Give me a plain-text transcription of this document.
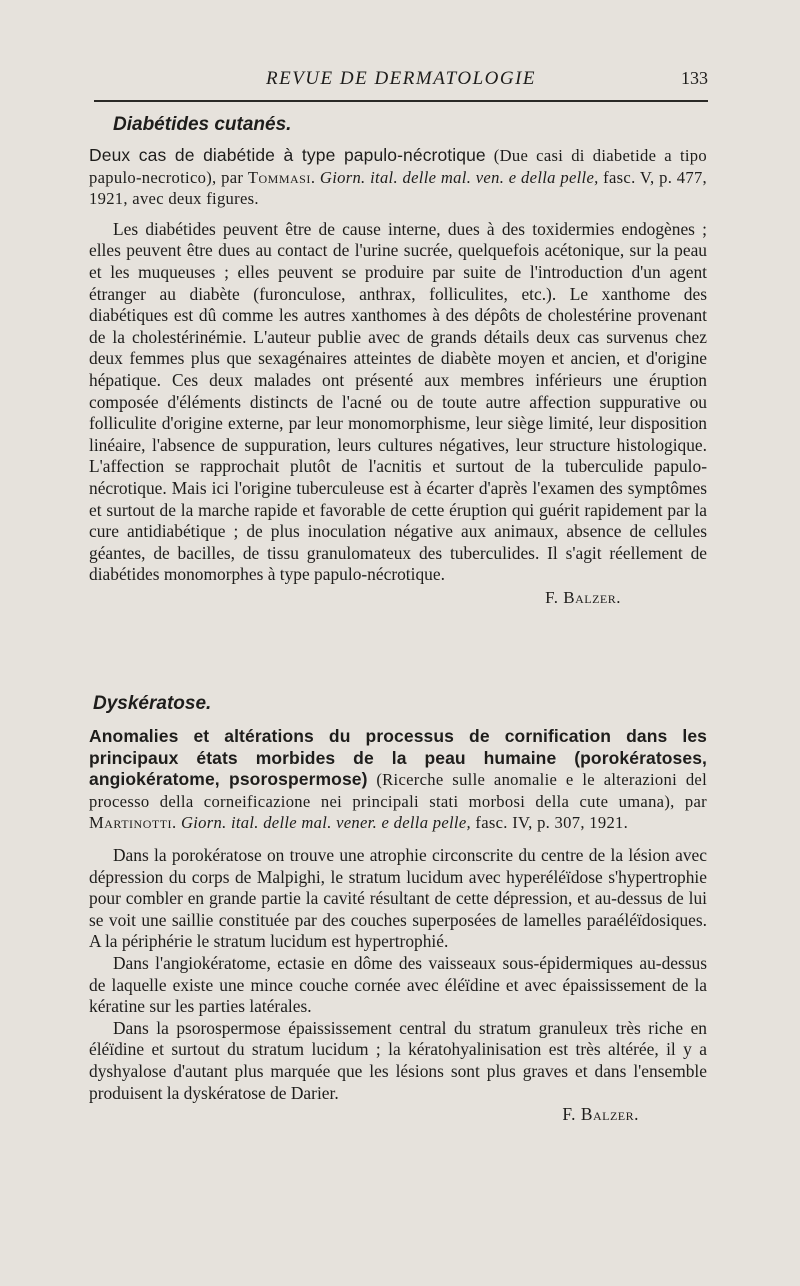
REVUE DE DERMATOLOGIE	133
Diabétides cutanés.

Deux cas de diabétide à type papulo-nécrotique (Due casi di diabetide a tipo papulo-necrotico), par Tommasi. Giorn. ital. delle mal. ven. e della pelle, fasc. V, p. 477, 1921, avec deux figures.

Les diabétides peuvent être de cause interne, dues à des toxidermies endogènes ; elles peuvent être dues au contact de l'urine sucrée, quelquefois acétonique, sur la peau et les muqueuses ; elles peuvent se produire par suite de l'introduction d'un agent étranger au diabète (furonculose, anthrax, folliculites, etc.). Le xanthome des diabétiques est dû comme les autres xanthomes à des dépôts de cholestérine provenant de la cholestérinémie. L'auteur publie avec de grands détails deux cas survenus chez deux femmes plus que sexagénaires atteintes de diabète moyen et ancien, et d'origine hépatique. Ces deux malades ont présenté aux membres inférieurs une éruption composée d'éléments distincts de l'acné ou de toute autre affection suppurative ou folliculite d'origine externe, par leur monomorphisme, leur siège limité, leur disposition linéaire, l'absence de suppuration, leurs cultures négatives, leur structure histologique. L'affection se rapprochait plutôt de l'acnitis et surtout de la tuberculide papulo-nécrotique. Mais ici l'origine tuberculeuse est à écarter d'après l'examen des symptômes et surtout de la marche rapide et favorable de cette éruption qui guérit rapidement par la cure antidiabétique ; de plus inoculation négative aux animaux, absence de cellules géantes, de bacilles, de tissu granulomateux des tuberculides. Il s'agit réellement de diabétides monomorphes à type papulo-nécrotique.

F. Balzer.

Dyskératose.

Anomalies et altérations du processus de cornification dans les principaux états morbides de la peau humaine (porokératoses, angiokératome, psorospermose) (Ricerche sulle anomalie e le alterazioni del processo della corneificazione nei principali stati morbosi della cute umana), par Martinotti. Giorn. ital. delle mal. vener. e della pelle, fasc. IV, p. 307, 1921.

Dans la porokératose on trouve une atrophie circonscrite du centre de la lésion avec dépression du corps de Malpighi, le stratum lucidum avec hyperéléïdose s'hypertrophie pour combler en grande partie la cavité résultant de cette dépression, et au-dessus de lui se voit une saillie constituée par des couches superposées de lamelles paraéléïdosiques. A la périphérie le stratum lucidum est hypertrophié.

Dans l'angiokératome, ectasie en dôme des vaisseaux sous-épidermiques au-dessus de laquelle existe une mince couche cornée avec éléïdine et avec épaississement de la kératine sur les parties latérales.

Dans la psorospermose épaississement central du stratum granuleux très riche en éléïdine et surtout du stratum lucidum ; la kératohyalinisation est très altérée, il y a dyshyalose d'autant plus marquée que les lésions sont plus graves et dans l'ensemble produisent la dyskératose de Darier.

F. Balzer.
